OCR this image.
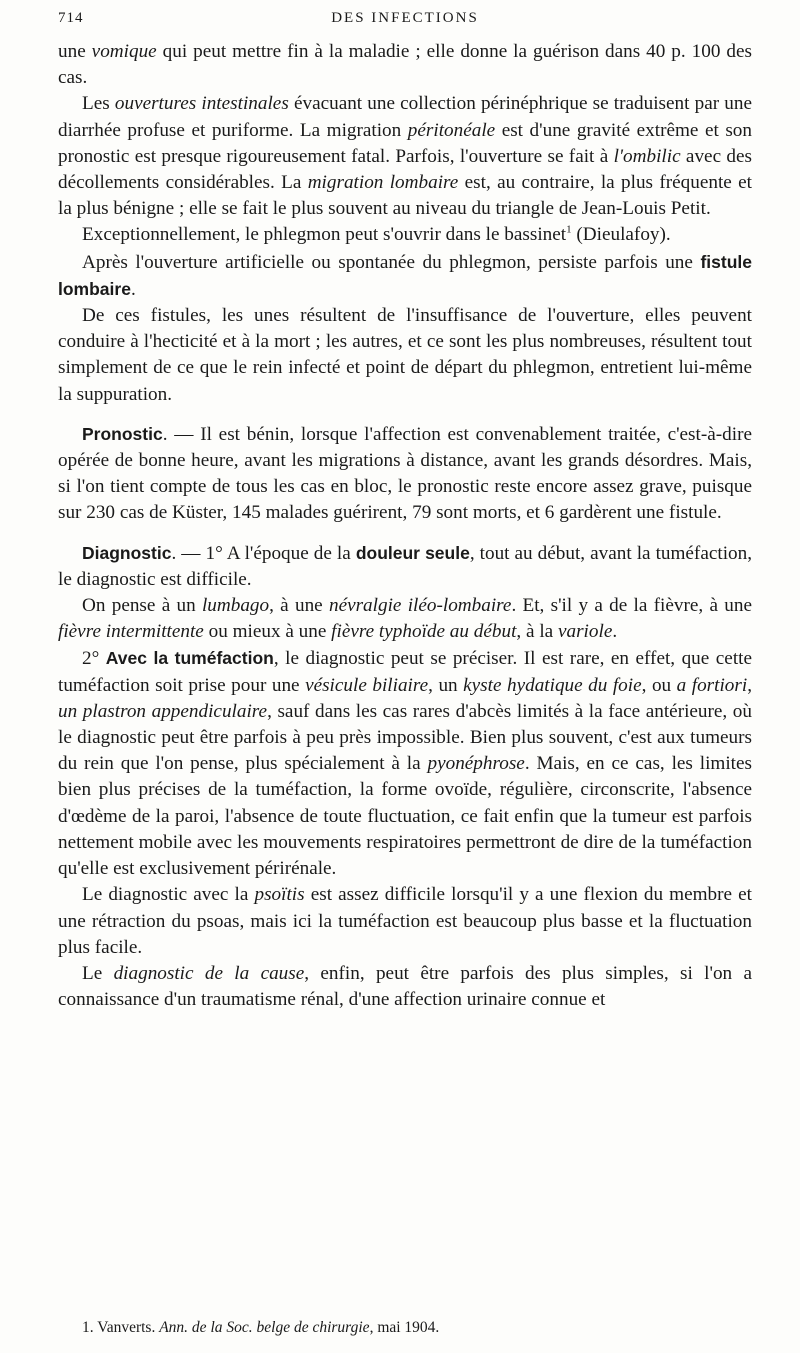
714	DES INFECTIONS

une vomique qui peut mettre fin à la maladie ; elle donne la guérison dans 40 p. 100 des cas.

Les ouvertures intestinales évacuant une collection périnéphrique se traduisent par une diarrhée profuse et puriforme. La migration péritonéale est d'une gravité extrême et son pronostic est presque rigoureusement fatal. Parfois, l'ouverture se fait à l'ombilic avec des décollements considérables. La migration lombaire est, au contraire, la plus fréquente et la plus bénigne ; elle se fait le plus souvent au niveau du triangle de Jean-Louis Petit.

Exceptionnellement, le phlegmon peut s'ouvrir dans le bassinet$^1$ (Dieulafoy).

Après l'ouverture artificielle ou spontanée du phlegmon, persiste parfois une fistule lombaire.

De ces fistules, les unes résultent de l'insuffisance de l'ouverture, elles peuvent conduire à l'hecticité et à la mort ; les autres, et ce sont les plus nombreuses, résultent tout simplement de ce que le rein infecté et point de départ du phlegmon, entretient lui-même la suppuration.

Pronostic. — Il est bénin, lorsque l'affection est convenablement traitée, c'est-à-dire opérée de bonne heure, avant les migrations à distance, avant les grands désordres. Mais, si l'on tient compte de tous les cas en bloc, le pronostic reste encore assez grave, puisque sur 230 cas de Küster, 145 malades guérirent, 79 sont morts, et 6 gardèrent une fistule.

Diagnostic. — 1° A l'époque de la douleur seule, tout au début, avant la tuméfaction, le diagnostic est difficile.

On pense à un lumbago, à une névralgie iléo-lombaire. Et, s'il y a de la fièvre, à une fièvre intermittente ou mieux à une fièvre typhoïde au début, à la variole.

2° Avec la tuméfaction, le diagnostic peut se préciser. Il est rare, en effet, que cette tuméfaction soit prise pour une vésicule biliaire, un kyste hydatique du foie, ou a fortiori, un plastron appendiculaire, sauf dans les cas rares d'abcès limités à la face antérieure, où le diagnostic peut être parfois à peu près impossible. Bien plus souvent, c'est aux tumeurs du rein que l'on pense, plus spécialement à la pyonéphrose. Mais, en ce cas, les limites bien plus précises de la tuméfaction, la forme ovoïde, régulière, circonscrite, l'absence d'œdème de la paroi, l'absence de toute fluctuation, ce fait enfin que la tumeur est parfois nettement mobile avec les mouvements respiratoires permettront de dire de la tuméfaction qu'elle est exclusivement périrénale.

Le diagnostic avec la psoïtis est assez difficile lorsqu'il y a une flexion du membre et une rétraction du psoas, mais ici la tuméfaction est beaucoup plus basse et la fluctuation plus facile.

Le diagnostic de la cause, enfin, peut être parfois des plus simples, si l'on a connaissance d'un traumatisme rénal, d'une affection urinaire connue et

1. Vanverts. Ann. de la Soc. belge de chirurgie, mai 1904.
